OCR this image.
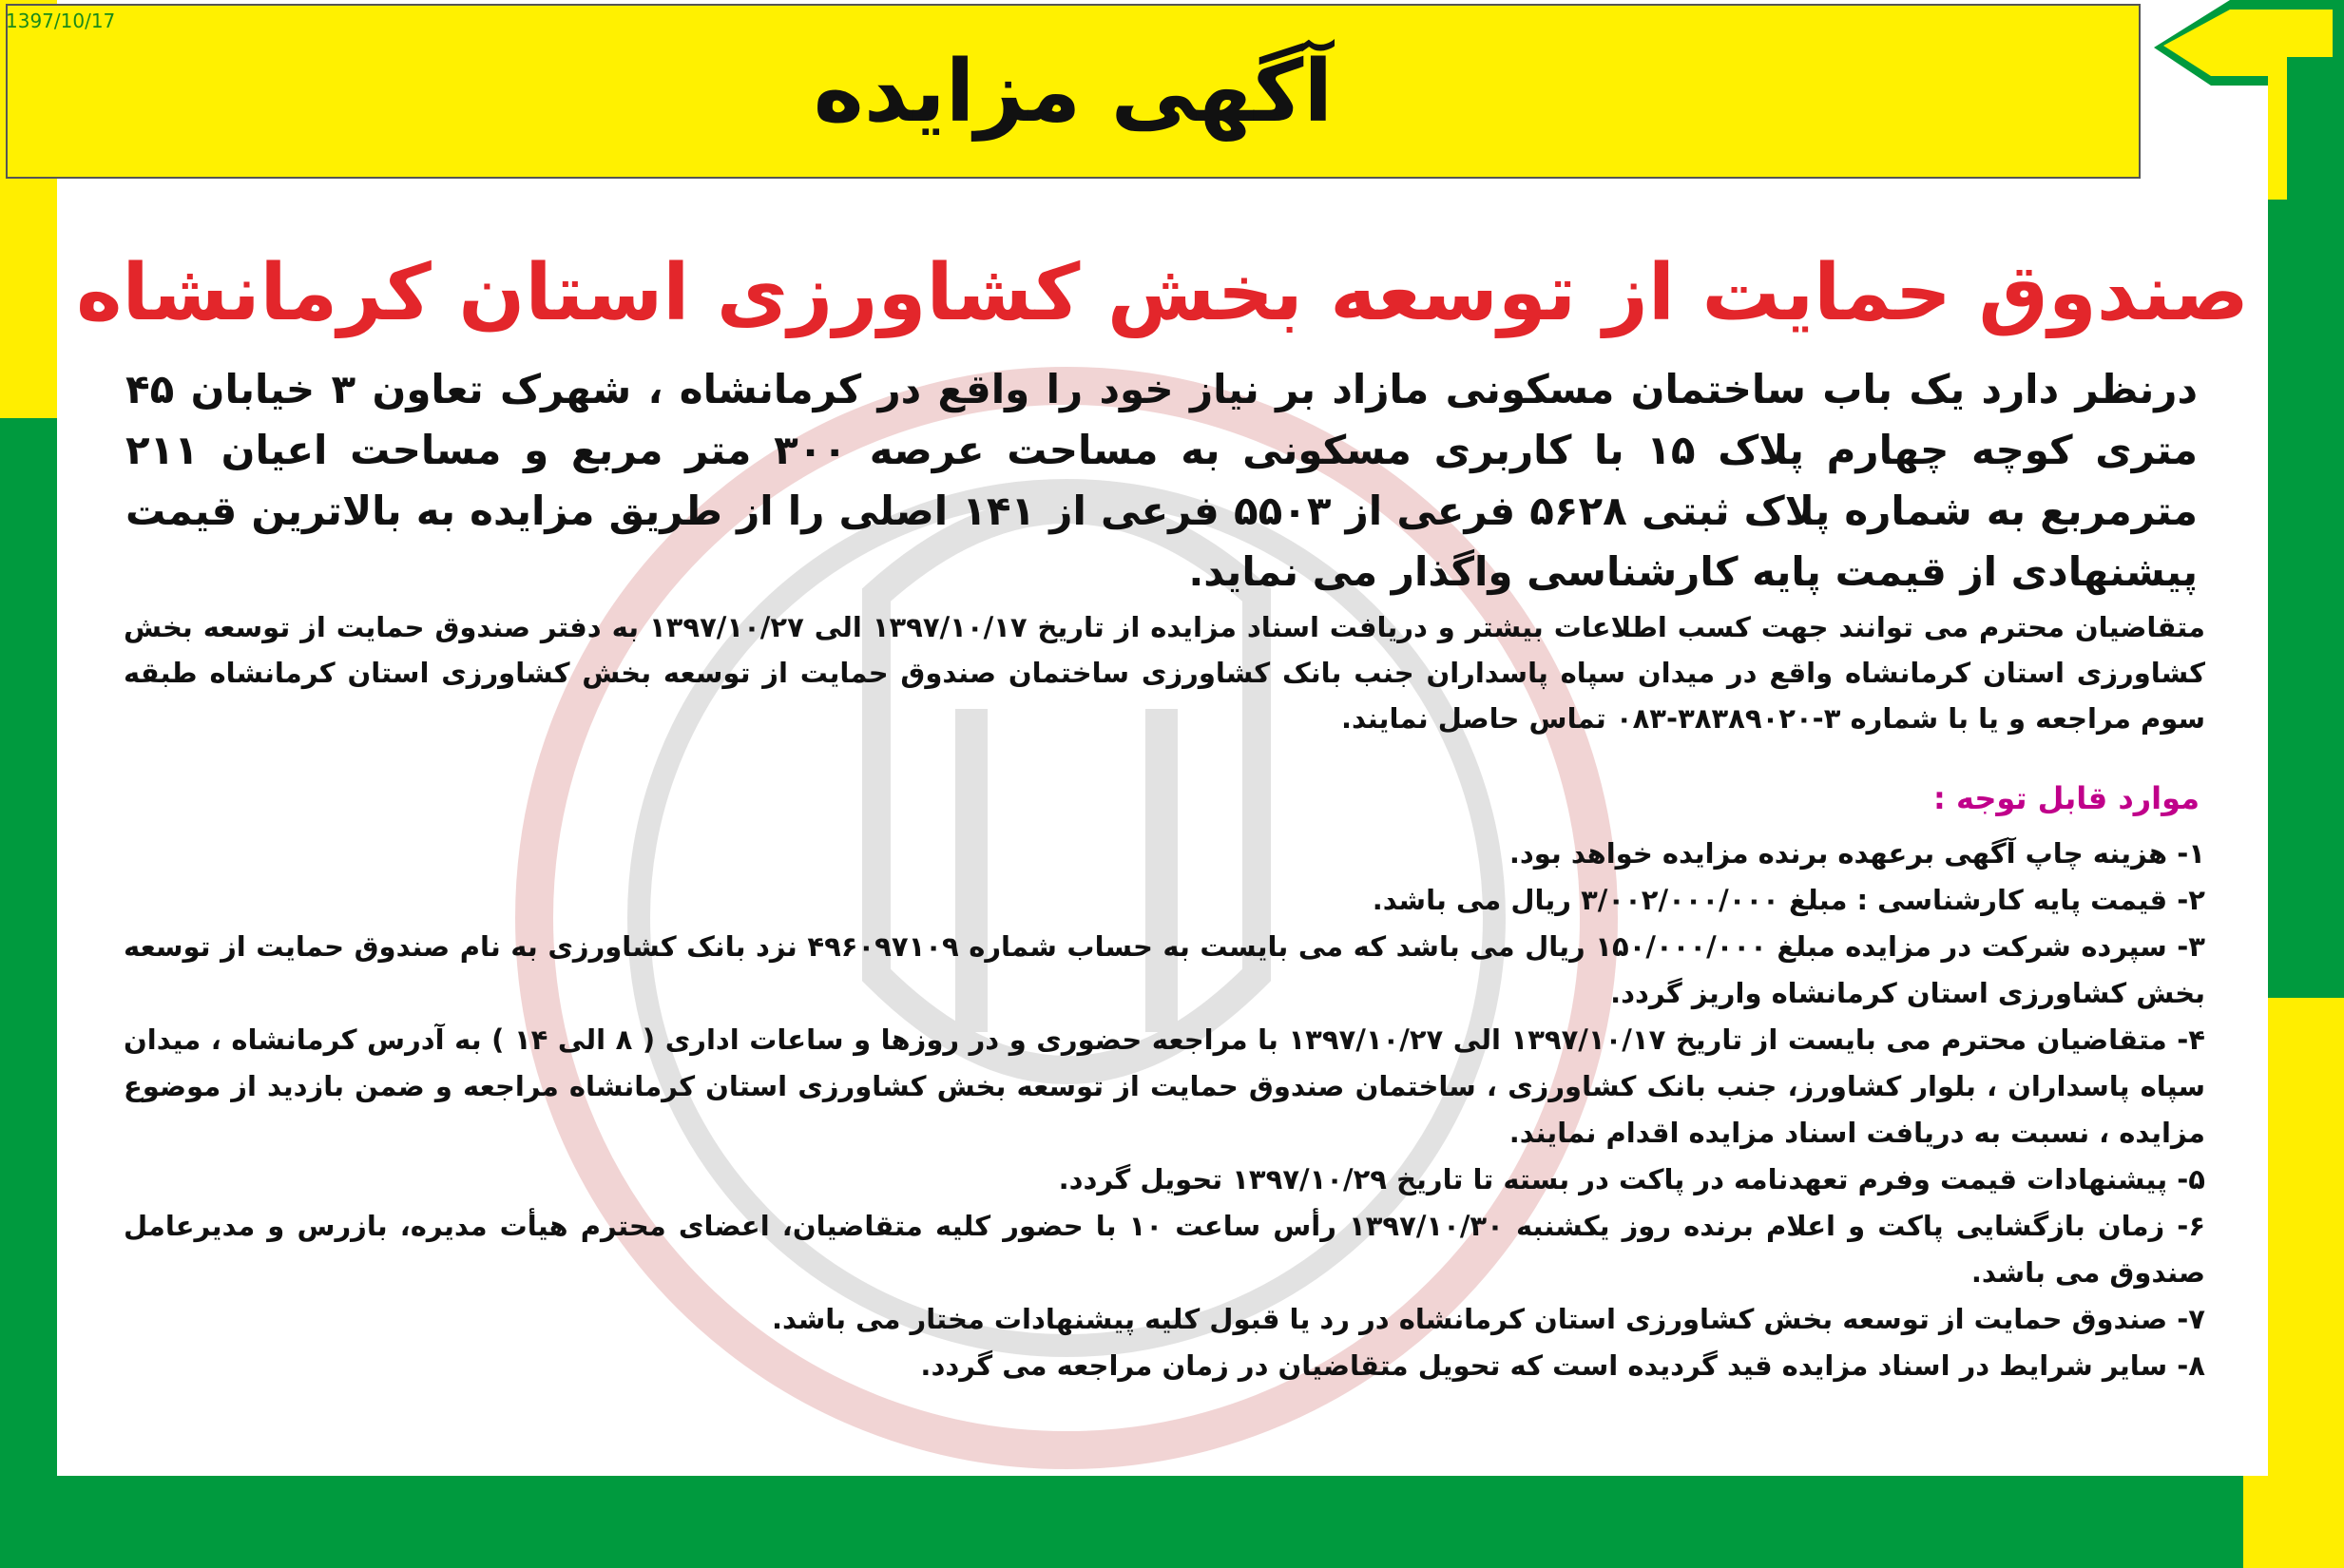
آگهی مزایده
1397/10/17
صندوق حمایت از توسعه بخش کشاورزی استان کرمانشاه
درنظر دارد یک باب ساختمان مسکونی مازاد بر نیاز خود را واقع در کرمانشاه ، شهرک تعاون ۳ خیابان ۴۵ متری کوچه چهارم پلاک ۱۵ با کاربری مسکونی به مساحت عرصه ۳۰۰ متر مربع و مساحت اعیان ۲۱۱ مترمربع به شماره پلاک ثبتی ۵۶۲۸ فرعی از ۵۵۰۳ فرعی از ۱۴۱ اصلی را از طریق مزایده به بالاترین قیمت پیشنهادی از قیمت پایه کارشناسی واگذار می نماید.
متقاضیان محترم می توانند جهت کسب اطلاعات بیشتر و دریافت اسناد مزایده از تاریخ ۱۳۹۷/۱۰/۱۷ الی ۱۳۹۷/۱۰/۲۷ به دفتر صندوق حمایت از توسعه بخش کشاورزی استان کرمانشاه واقع در میدان سپاه پاسداران جنب بانک کشاورزی ساختمان صندوق حمایت از توسعه بخش کشاورزی استان کرمانشاه طبقه سوم مراجعه و یا با شماره ۳-۳۸۳۸۹۰۲۰-۰۸۳ تماس حاصل نمایند.
موارد قابل توجه :
۱- هزینه چاپ آگهی برعهده برنده مزایده خواهد بود.
۲- قیمت پایه کارشناسی : مبلغ ۳/۰۰۲/۰۰۰/۰۰۰ ریال می باشد.
۳- سپرده شرکت در مزایده مبلغ ۱۵۰/۰۰۰/۰۰۰ ریال می باشد که می بایست به حساب شماره ۴۹۶۰۹۷۱۰۹ نزد بانک کشاورزی به نام صندوق حمایت از توسعه بخش کشاورزی استان کرمانشاه واریز گردد.
۴- متقاضیان محترم می بایست از تاریخ ۱۳۹۷/۱۰/۱۷ الی ۱۳۹۷/۱۰/۲۷ با مراجعه حضوری و در روزها و ساعات اداری ( ۸ الی ۱۴ ) به آدرس کرمانشاه ، میدان سپاه پاسداران ، بلوار کشاورز، جنب بانک کشاورزی ، ساختمان صندوق حمایت از توسعه بخش کشاورزی استان کرمانشاه مراجعه و ضمن بازدید از موضوع مزایده ، نسبت به دریافت اسناد مزایده اقدام نمایند.
۵- پیشنهادات قیمت وفرم تعهدنامه در پاکت در بسته تا تاریخ ۱۳۹۷/۱۰/۲۹ تحویل گردد.
۶- زمان بازگشایی پاکت و اعلام برنده روز یکشنبه ۱۳۹۷/۱۰/۳۰ رأس ساعت ۱۰ با حضور کلیه متقاضیان، اعضای محترم هیأت مدیره، بازرس و مدیرعامل صندوق می باشد.
۷- صندوق حمایت از توسعه بخش کشاورزی استان کرمانشاه در رد یا قبول کلیه پیشنهادات مختار می باشد.
۸- سایر شرایط در اسناد مزایده قید گردیده است که تحویل متقاضیان در زمان مراجعه می گردد.
